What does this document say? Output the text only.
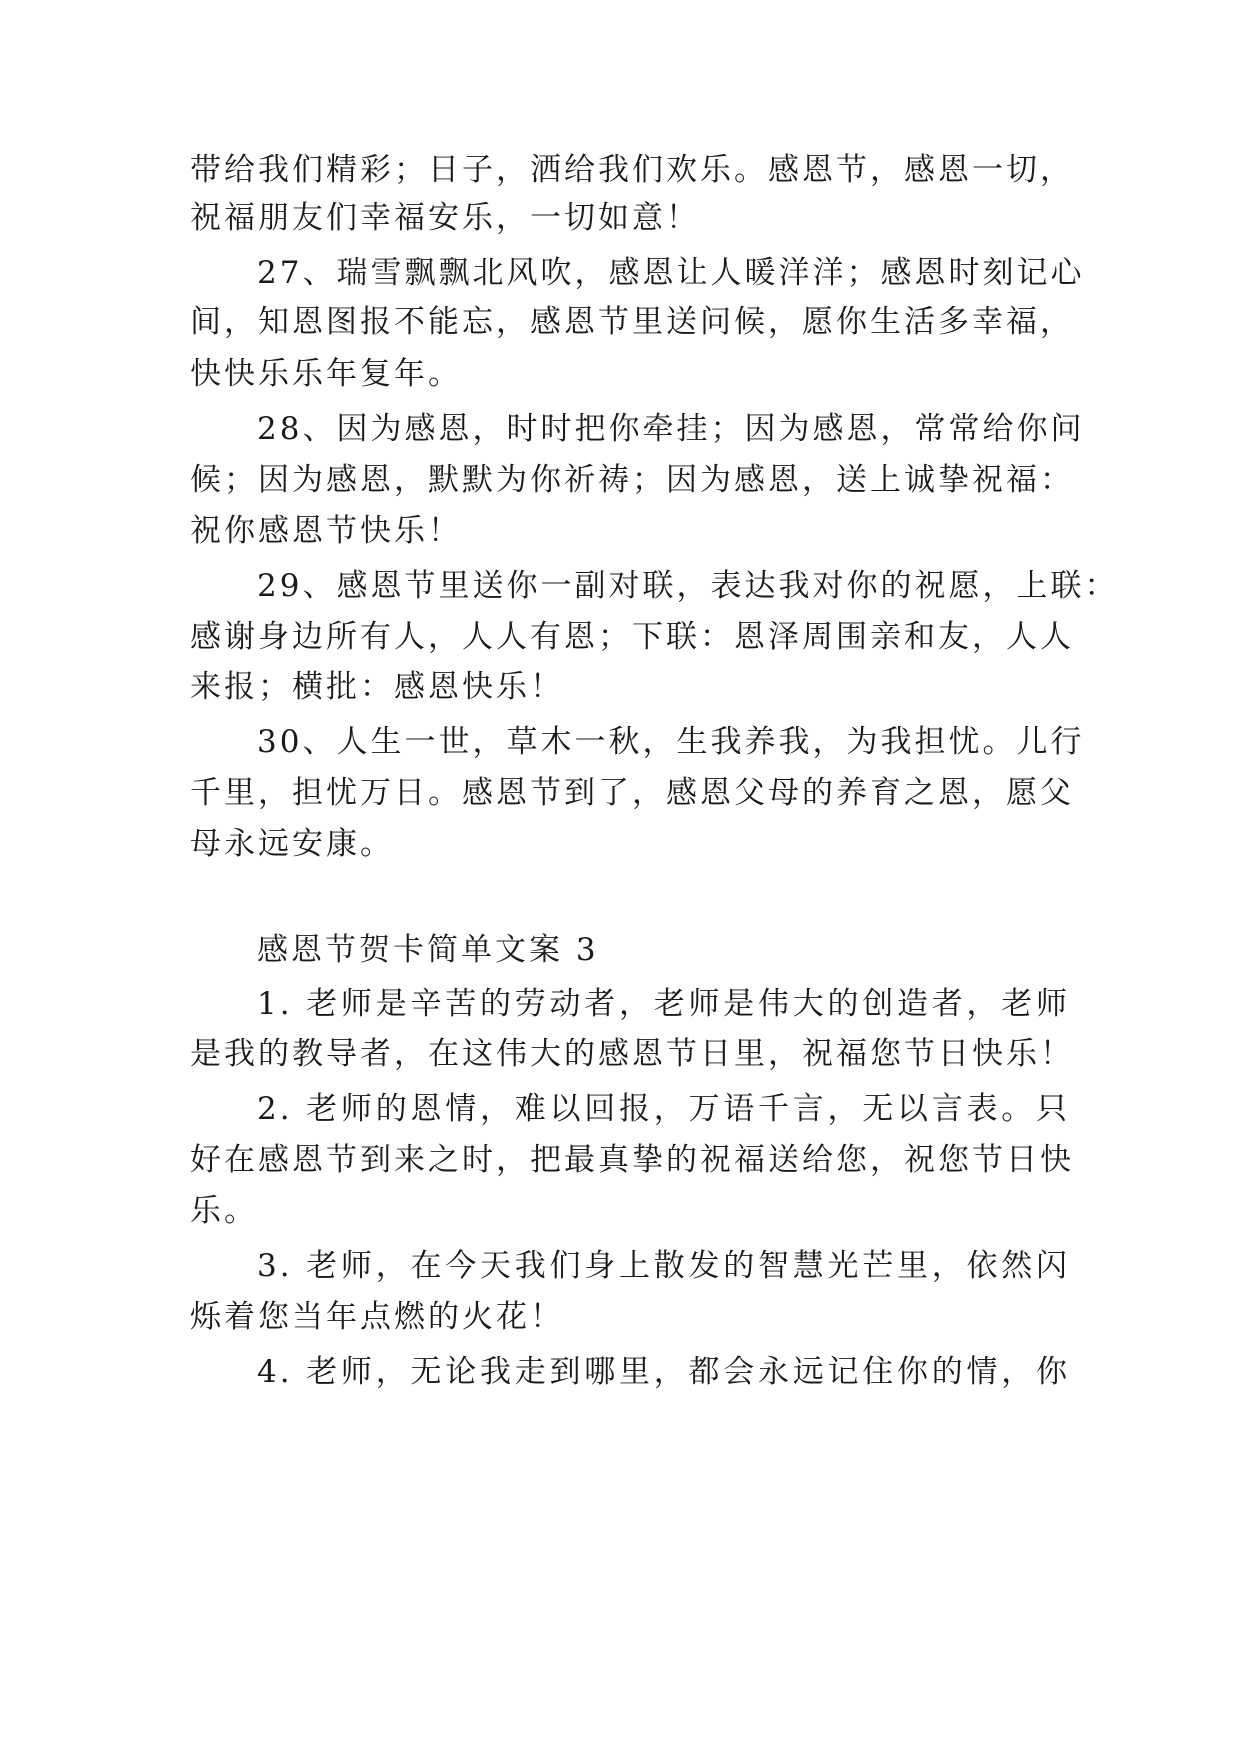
带给我们精彩；日子，洒给我们欢乐。感恩节，感恩一切，
祝福朋友们幸福安乐，一切如意！
27、瑞雪飘飘北风吹，感恩让人暖洋洋；感恩时刻记心
间，知恩图报不能忘，感恩节里送问候，愿你生活多幸福，
快快乐乐年复年。
28、因为感恩，时时把你牵挂；因为感恩，常常给你问
候；因为感恩，默默为你祈祷；因为感恩，送上诚挚祝福：
祝你感恩节快乐！
29、感恩节里送你一副对联，表达我对你的祝愿，上联：
感谢身边所有人，人人有恩；下联：恩泽周围亲和友，人人
来报；横批：感恩快乐！
30、人生一世，草木一秋，生我养我，为我担忧。儿行
千里，担忧万日。感恩节到了，感恩父母的养育之恩，愿父
母永远安康。
感恩节贺卡简单文案 3
1. 老师是辛苦的劳动者，老师是伟大的创造者，老师
是我的教导者，在这伟大的感恩节日里，祝福您节日快乐！
2. 老师的恩情，难以回报，万语千言，无以言表。只
好在感恩节到来之时，把最真挚的祝福送给您，祝您节日快
乐。
3. 老师，在今天我们身上散发的智慧光芒里，依然闪
烁着您当年点燃的火花！
4. 老师，无论我走到哪里，都会永远记住你的情，你
